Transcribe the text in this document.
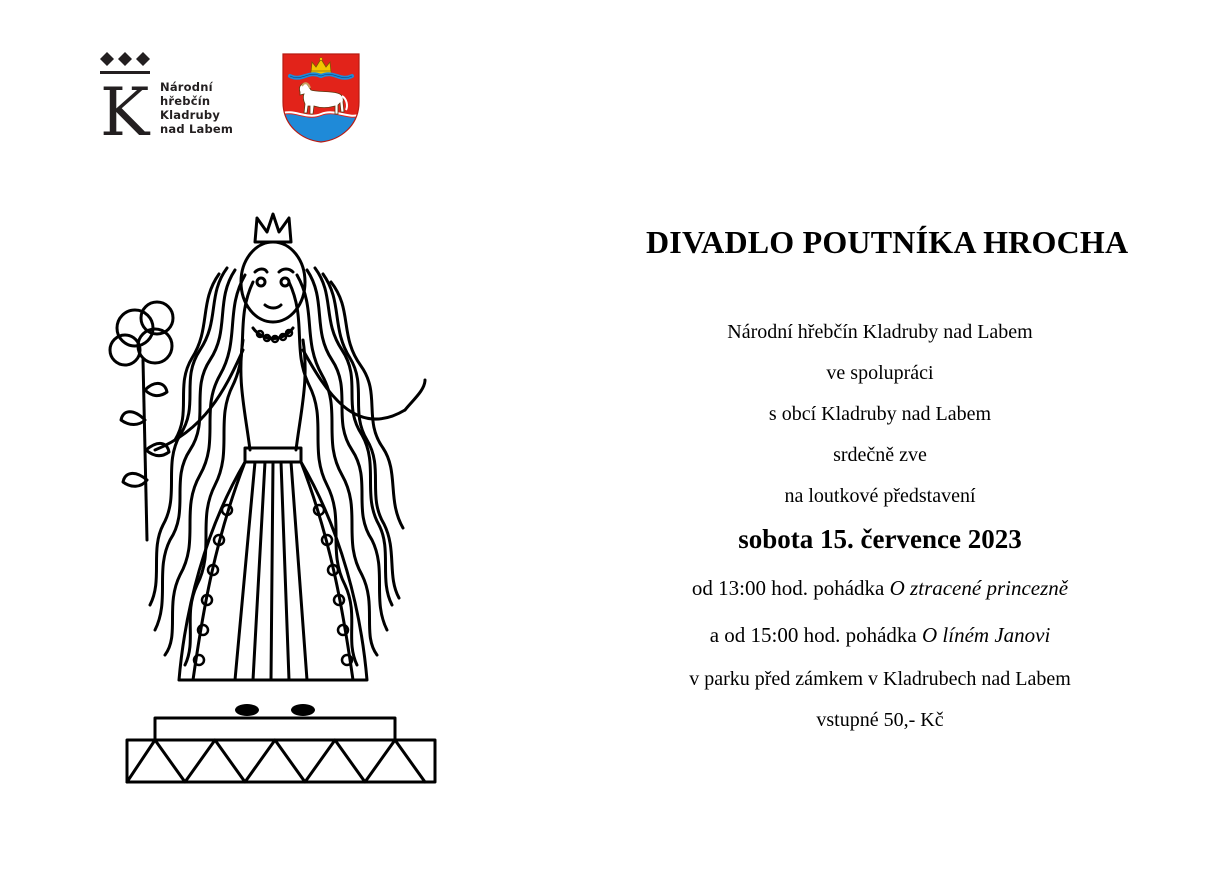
K Národní
hřebčín
Kladruby
nad Labem
DIVADLO POUTNÍKA HROCHA
Národní hřebčín Kladruby nad Labem
ve spolupráci
s obcí Kladruby nad Labem
srdečně zve
na loutkové představení
sobota 15. července 2023
od 13:00 hod. pohádka O ztracené princezně
a od 15:00 hod. pohádka O líném Janovi
v parku před zámkem v Kladrubech nad Labem
vstupné 50,- Kč
